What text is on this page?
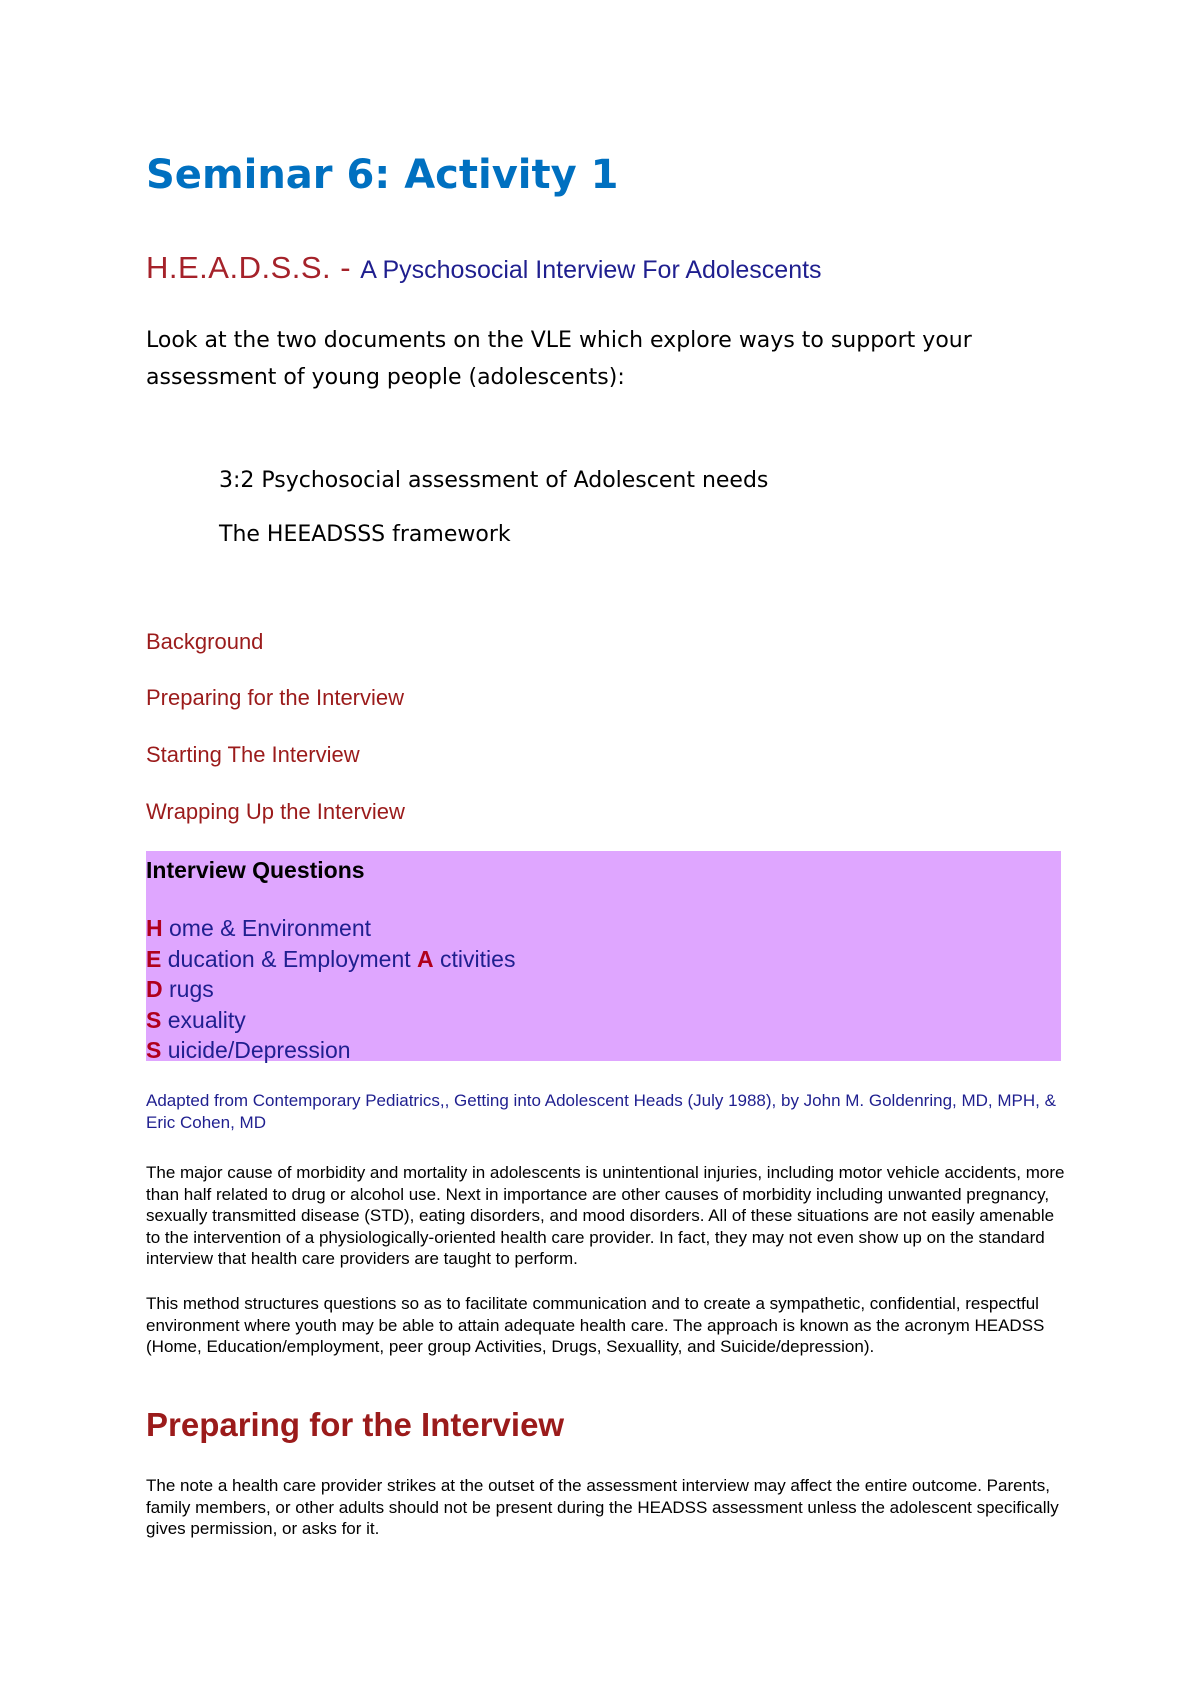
Seminar 6: Activity 1
H.E.A.D.S.S. - A Pyschosocial Interview For Adolescents

Look at the two documents on the VLE which explore ways to support your assessment of young people (adolescents):

3:2 Psychosocial assessment of Adolescent needs
The HEEADSSS framework
Background
Preparing for the Interview
Starting The Interview
Wrapping Up the Interview
Interview Questions
H ome & Environment
E ducation & Employment A ctivities
D rugs
S exuality
S uicide/Depression

Adapted from Contemporary Pediatrics,, Getting into Adolescent Heads (July 1988), by John M. Goldenring, MD, MPH, & Eric Cohen, MD

The major cause of morbidity and mortality in adolescents is unintentional injuries, including motor vehicle accidents, more than half related to drug or alcohol use. Next in importance are other causes of morbidity including unwanted pregnancy, sexually transmitted disease (STD), eating disorders, and mood disorders. All of these situations are not easily amenable to the intervention of a physiologically-oriented health care provider. In fact, they may not even show up on the standard interview that health care providers are taught to perform.

This method structures questions so as to facilitate communication and to create a sympathetic, confidential, respectful environment where youth may be able to attain adequate health care. The approach is known as the acronym HEADSS (Home, Education/employment, peer group Activities, Drugs, Sexuallity, and Suicide/depression).

Preparing for the Interview

The note a health care provider strikes at the outset of the assessment interview may affect the entire outcome. Parents, family members, or other adults should not be present during the HEADSS assessment unless the adolescent specifically gives permission, or asks for it.
